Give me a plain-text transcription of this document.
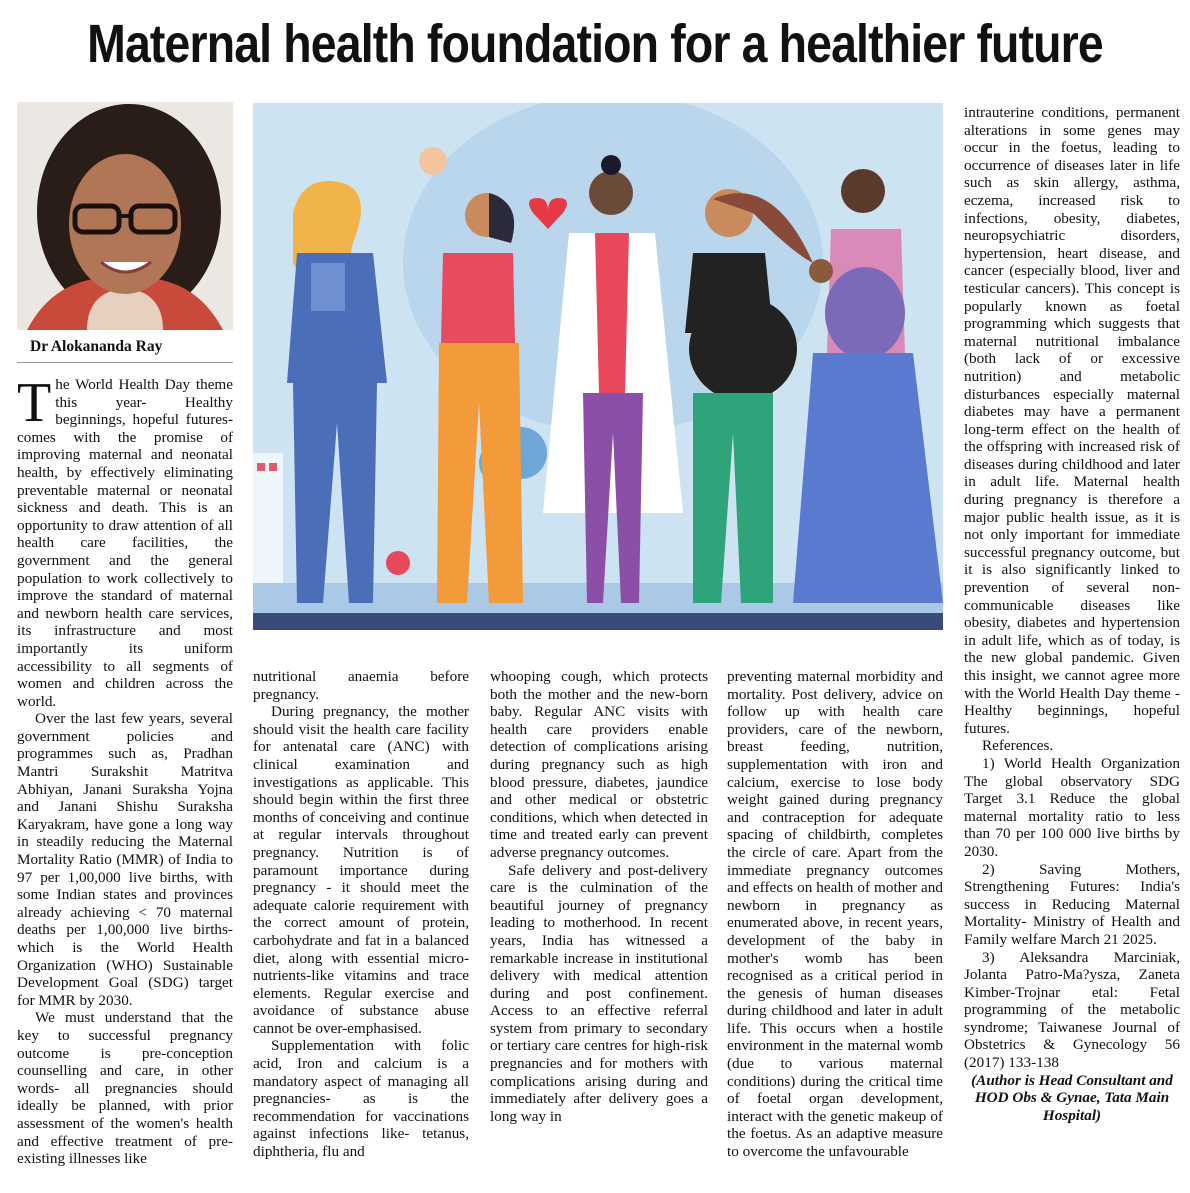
Maternal health foundation for a healthier future
Dr Alokananda Ray

The World Health Day theme this year- Healthy beginnings, hopeful futures- comes with the promise of improving maternal and neonatal health, by effectively eliminating preventable maternal or neonatal sickness and death. This is an opportunity to draw attention of all health care facilities, the government and the general population to work collectively to improve the standard of maternal and newborn health care services, its infrastructure and most importantly its uniform accessibility to all segments of women and children across the world.

Over the last few years, several government policies and programmes such as, Pradhan Mantri Surakshit Matritva Abhiyan, Janani Suraksha Yojna and Janani Shishu Suraksha Karyakram, have gone a long way in steadily reducing the Maternal Mortality Ratio (MMR) of India to 97 per 1,00,000 live births, with some Indian states and provinces already achieving < 70 maternal deaths per 1,00,000 live births- which is the World Health Organization (WHO) Sustainable Development Goal (SDG) target for MMR by 2030.

We must understand that the key to successful pregnancy outcome is pre-conception counselling and care, in other words- all pregnancies should ideally be planned, with prior assessment of the women's health and effective treatment of pre-existing illnesses like

nutritional anaemia before pregnancy.

During pregnancy, the mother should visit the health care facility for antenatal care (ANC) with clinical examination and investigations as applicable. This should begin within the first three months of conceiving and continue at regular intervals throughout pregnancy. Nutrition is of paramount importance during pregnancy - it should meet the adequate calorie requirement with the correct amount of protein, carbohydrate and fat in a balanced diet, along with essential micro-nutrients-like vitamins and trace elements. Regular exercise and avoidance of substance abuse cannot be over-emphasised.

Supplementation with folic acid, Iron and calcium is a mandatory aspect of managing all pregnancies- as is the recommendation for vaccinations against infections like- tetanus, diphtheria, flu and

whooping cough, which protects both the mother and the new-born baby. Regular ANC visits with health care providers enable detection of complications arising during pregnancy such as high blood pressure, diabetes, jaundice and other medical or obstetric conditions, which when detected in time and treated early can prevent adverse pregnancy outcomes.

Safe delivery and post-delivery care is the culmination of the beautiful journey of pregnancy leading to motherhood. In recent years, India has witnessed a remarkable increase in institutional delivery with medical attention during and post confinement. Access to an effective referral system from primary to secondary or tertiary care centres for high-risk pregnancies and for mothers with complications arising during and immediately after delivery goes a long way in

preventing maternal morbidity and mortality. Post delivery, advice on follow up with health care providers, care of the newborn, breast feeding, nutrition, supplementation with iron and calcium, exercise to lose body weight gained during pregnancy and contraception for adequate spacing of childbirth, completes the circle of care. Apart from the immediate pregnancy outcomes and effects on health of mother and newborn in pregnancy as enumerated above, in recent years, development of the baby in mother's womb has been recognised as a critical period in the genesis of human diseases during childhood and later in adult life. This occurs when a hostile environment in the maternal womb (due to various maternal conditions) during the critical time of foetal organ development, interact with the genetic makeup of the foetus. As an adaptive measure to overcome the unfavourable

intrauterine conditions, permanent alterations in some genes may occur in the foetus, leading to occurrence of diseases later in life such as skin allergy, asthma, eczema, increased risk to infections, obesity, diabetes, neuropsychiatric disorders, hypertension, heart disease, and cancer (especially blood, liver and testicular cancers). This concept is popularly known as foetal programming which suggests that maternal nutritional imbalance (both lack of or excessive nutrition) and metabolic disturbances especially maternal diabetes may have a permanent long-term effect on the health of the offspring with increased risk of diseases during childhood and later in adult life. Maternal health during pregnancy is therefore a major public health issue, as it is not only important for immediate successful pregnancy outcome, but it is also significantly linked to prevention of several non-communicable diseases like obesity, diabetes and hypertension in adult life, which as of today, is the new global pandemic. Given this insight, we cannot agree more with the World Health Day theme - Healthy beginnings, hopeful futures.

References.

1) World Health Organization The global observatory SDG Target 3.1 Reduce the global maternal mortality ratio to less than 70 per 100 000 live births by 2030.

2) Saving Mothers, Strengthening Futures: India's success in Reducing Maternal Mortality- Ministry of Health and Family welfare March 21 2025.

3) Aleksandra Marciniak, Jolanta Patro-Ma?ysza, Zaneta Kimber-Trojnar etal: Fetal programming of the metabolic syndrome; Taiwanese Journal of Obstetrics & Gynecology 56 (2017) 133-138

(Author is Head Consultant and HOD Obs & Gynae, Tata Main Hospital)
